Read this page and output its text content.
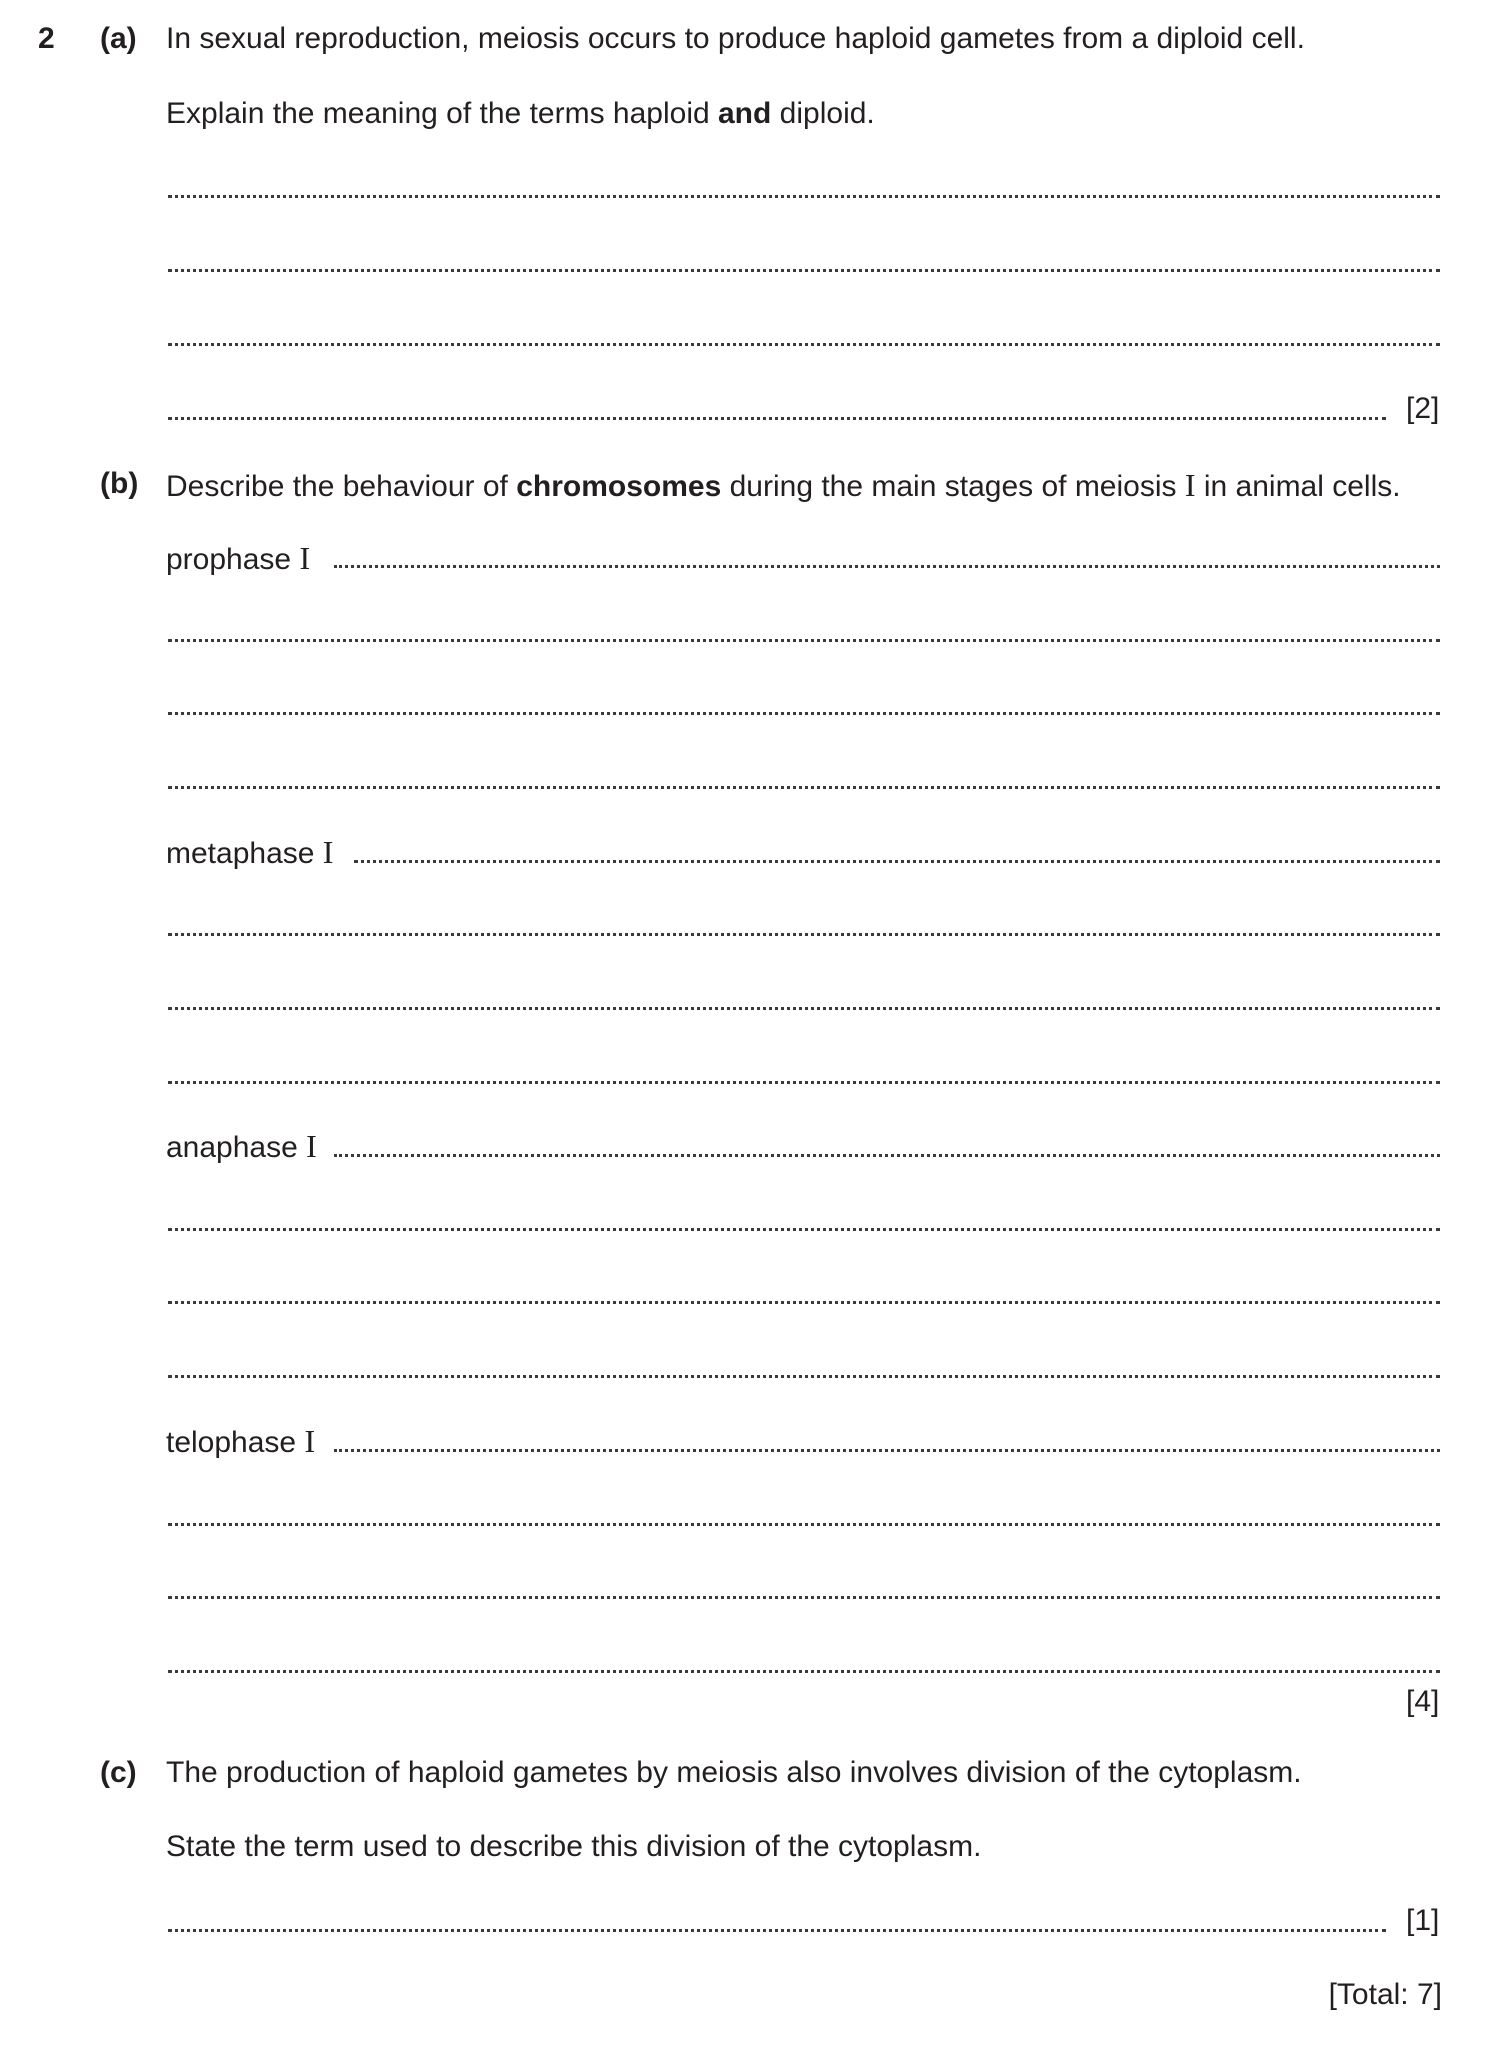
2 (a) In sexual reproduction, meiosis occurs to produce haploid gametes from a diploid cell.
Explain the meaning of the terms haploid and diploid.
[2]
(b) Describe the behaviour of chromosomes during the main stages of meiosis I in animal cells.
prophase I
metaphase I
anaphase I
telophase I
[4]
(c) The production of haploid gametes by meiosis also involves division of the cytoplasm.
State the term used to describe this division of the cytoplasm.
[1]
[Total: 7]
